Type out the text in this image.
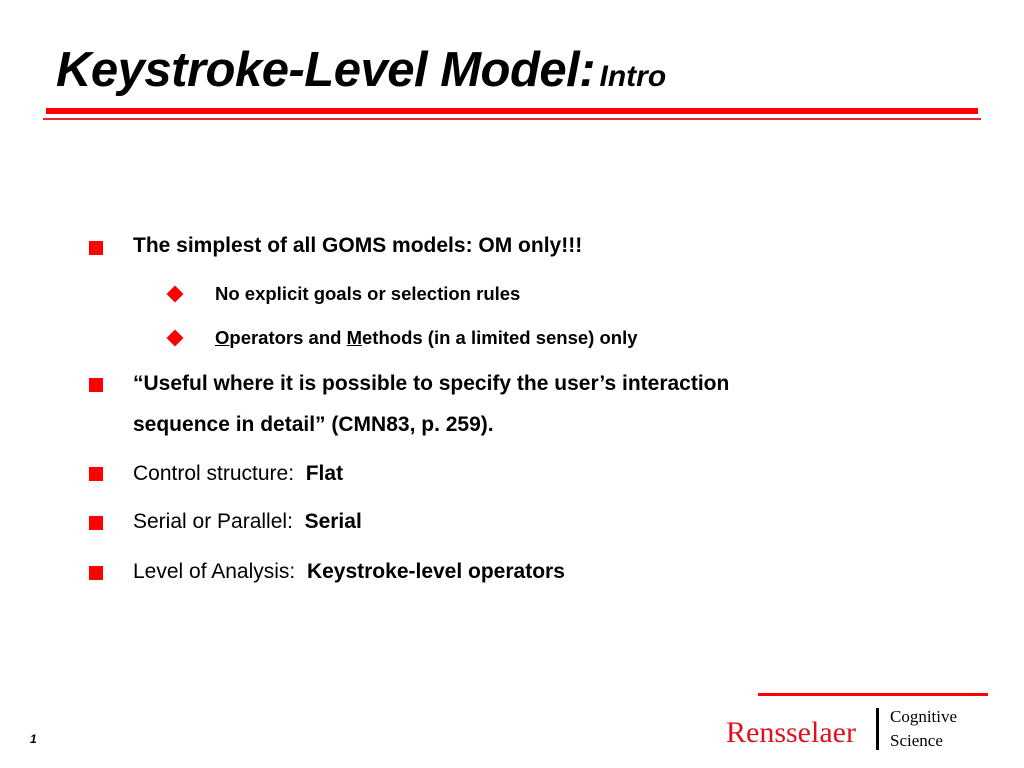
Keystroke-Level Model: Intro
The simplest of all GOMS models: OM only!!!
No explicit goals or selection rules
Operators and Methods (in a limited sense) only
“Useful where it is possible to specify the user’s interaction
sequence in detail” (CMN83, p. 259).
Control structure: Flat
Serial or Parallel: Serial
Level of Analysis: Keystroke-level operators
Rensselaer Cognitive
Science
1
